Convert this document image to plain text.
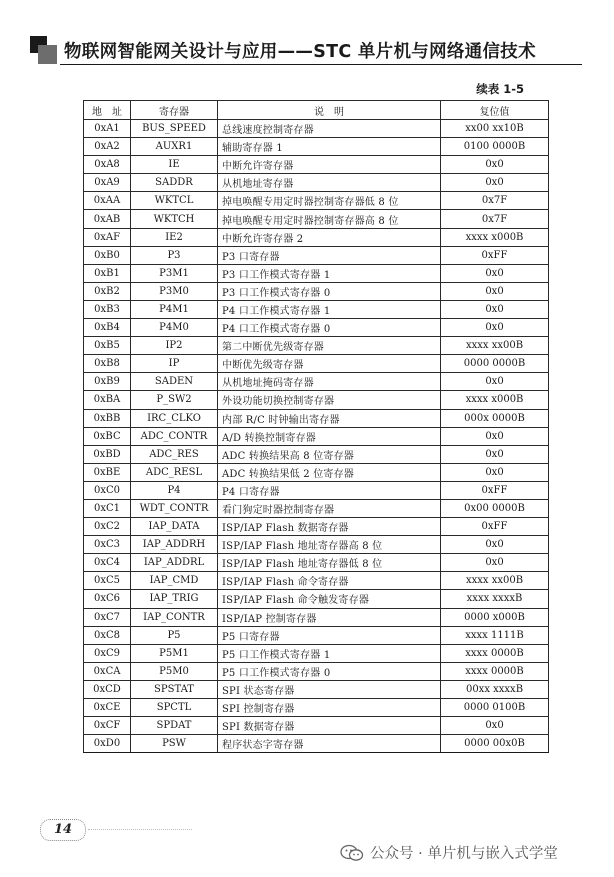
物联网智能网关设计与应用——STC 单片机与网络通信技术
续表 1-5
地　址	寄存器	说　明	复位值
0xA1	BUS_SPEED	总线速度控制寄存器	xx00 xx10B
0xA2	AUXR1	辅助寄存器 1	0100 0000B
0xA8	IE	中断允许寄存器	0x0
0xA9	SADDR	从机地址寄存器	0x0
0xAA	WKTCL	掉电唤醒专用定时器控制寄存器低 8 位	0x7F
0xAB	WKTCH	掉电唤醒专用定时器控制寄存器高 8 位	0x7F
0xAF	IE2	中断允许寄存器 2	xxxx x000B
0xB0	P3	P3 口寄存器	0xFF
0xB1	P3M1	P3 口工作模式寄存器 1	0x0
0xB2	P3M0	P3 口工作模式寄存器 0	0x0
0xB3	P4M1	P4 口工作模式寄存器 1	0x0
0xB4	P4M0	P4 口工作模式寄存器 0	0x0
0xB5	IP2	第二中断优先级寄存器	xxxx xx00B
0xB8	IP	中断优先级寄存器	0000 0000B
0xB9	SADEN	从机地址掩码寄存器	0x0
0xBA	P_SW2	外设功能切换控制寄存器	xxxx x000B
0xBB	IRC_CLKO	内部 R/C 时钟输出寄存器	000x 0000B
0xBC	ADC_CONTR	A/D 转换控制寄存器	0x0
0xBD	ADC_RES	ADC 转换结果高 8 位寄存器	0x0
0xBE	ADC_RESL	ADC 转换结果低 2 位寄存器	0x0
0xC0	P4	P4 口寄存器	0xFF
0xC1	WDT_CONTR	看门狗定时器控制寄存器	0x00 0000B
0xC2	IAP_DATA	ISP/IAP Flash 数据寄存器	0xFF
0xC3	IAP_ADDRH	ISP/IAP Flash 地址寄存器高 8 位	0x0
0xC4	IAP_ADDRL	ISP/IAP Flash 地址寄存器低 8 位	0x0
0xC5	IAP_CMD	ISP/IAP Flash 命令寄存器	xxxx xx00B
0xC6	IAP_TRIG	ISP/IAP Flash 命令触发寄存器	xxxx xxxxB
0xC7	IAP_CONTR	ISP/IAP 控制寄存器	0000 x000B
0xC8	P5	P5 口寄存器	xxxx 1111B
0xC9	P5M1	P5 口工作模式寄存器 1	xxxx 0000B
0xCA	P5M0	P5 口工作模式寄存器 0	xxxx 0000B
0xCD	SPSTAT	SPI 状态寄存器	00xx xxxxB
0xCE	SPCTL	SPI 控制寄存器	0000 0100B
0xCF	SPDAT	SPI 数据寄存器	0x0
0xD0	PSW	程序状态字寄存器	0000 00x0B
14
公众号 · 单片机与嵌入式学堂
